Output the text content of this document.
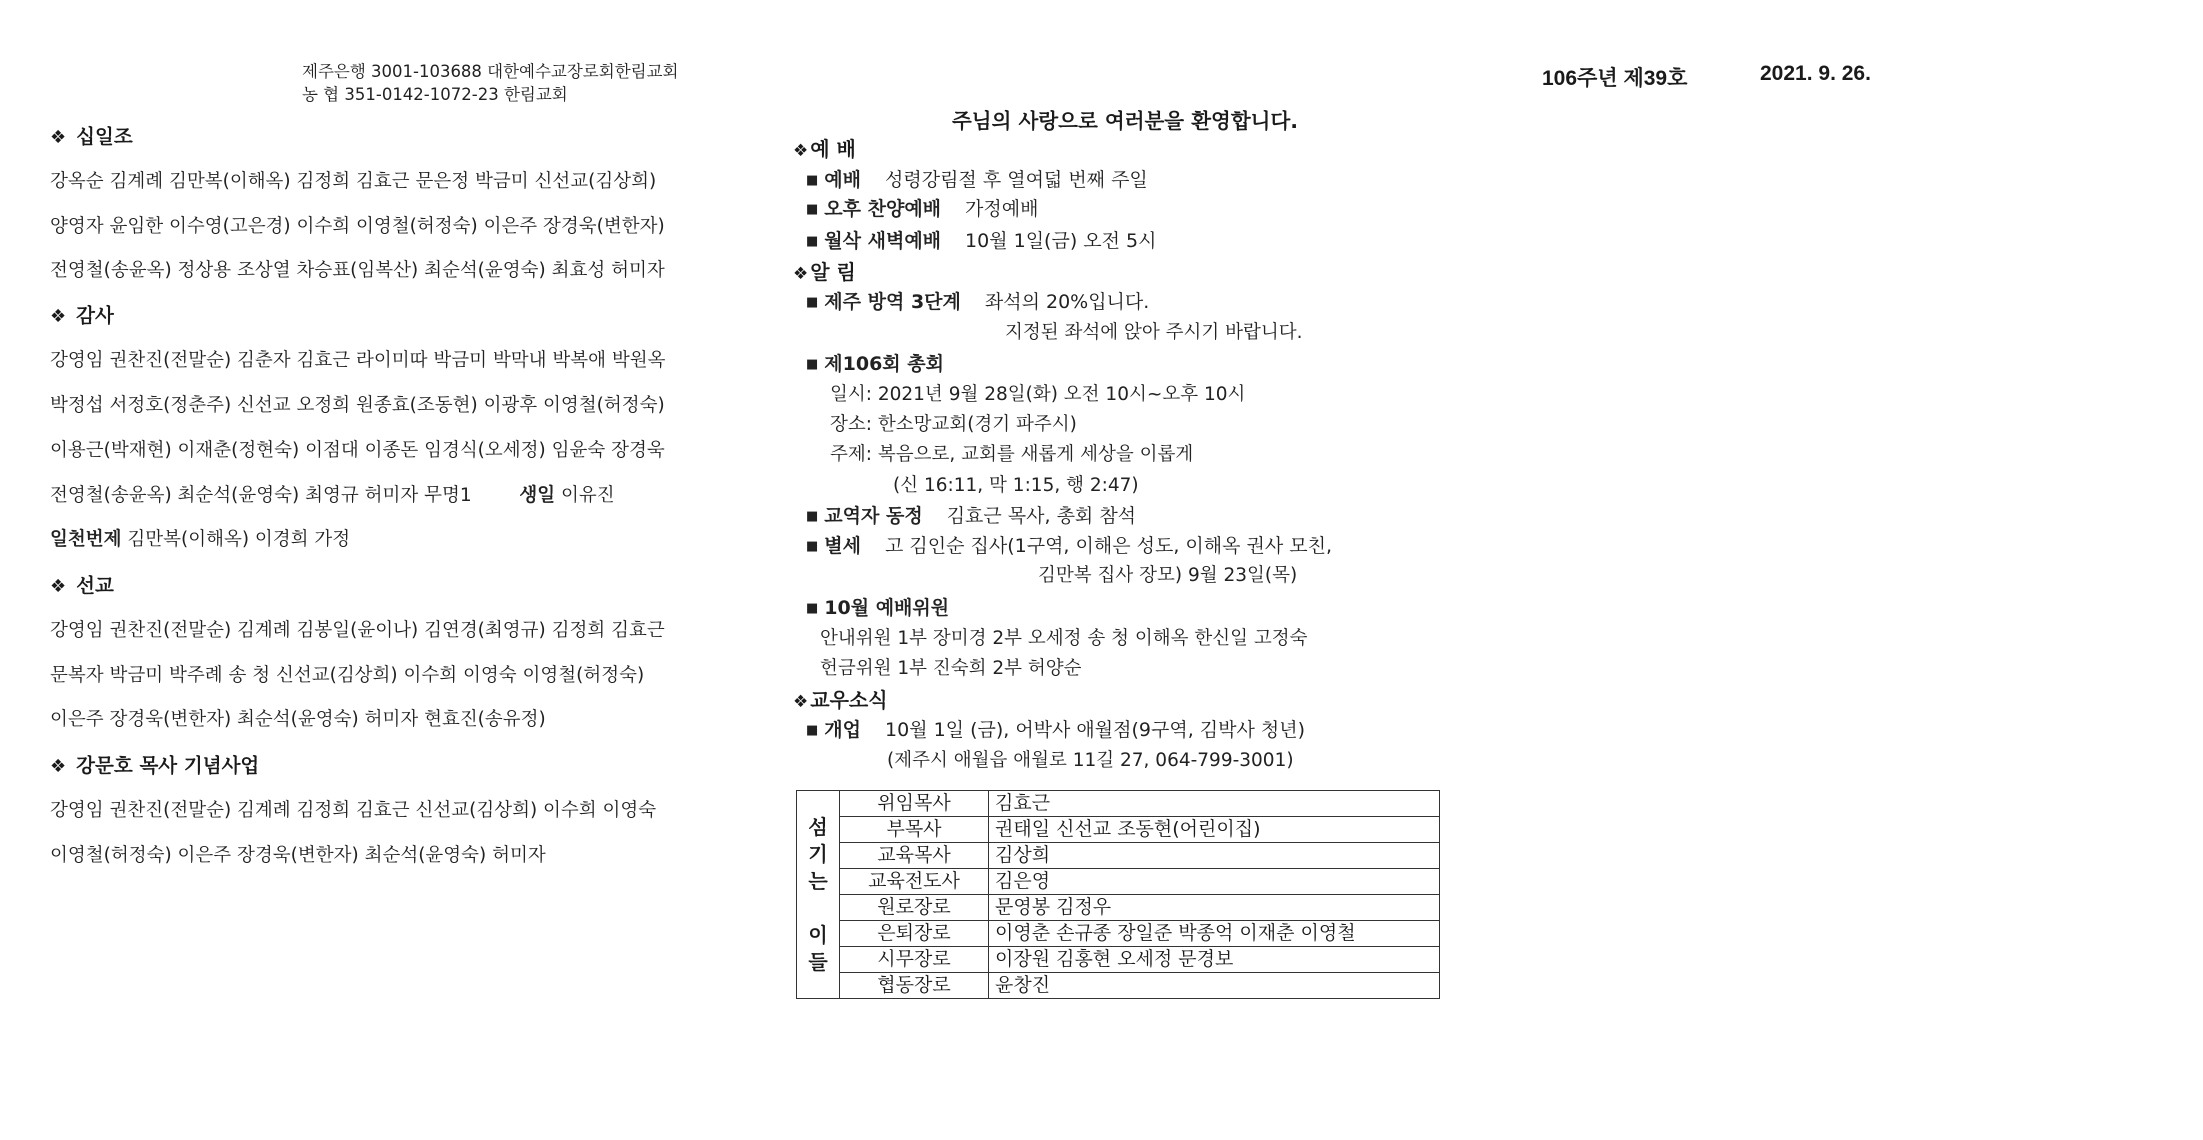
제주은행 3001-103688 대한예수교장로회한림교회
농 협 351-0142-1072-23 한림교회
106주년 제39호	2021. 9. 26.
❖ 십일조
강옥순 김계례 김만복(이해옥) 김정희 김효근 문은정 박금미 신선교(김상희)
양영자 윤임한 이수영(고은경) 이수희 이영철(허정숙) 이은주 장경욱(변한자)
전영철(송윤옥) 정상용 조상열 차승표(임복산) 최순석(윤영숙) 최효성 허미자
❖ 감사
강영임 권찬진(전말순) 김춘자 김효근 라이미따 박금미 박막내 박복애 박원옥
박정섭 서정호(정춘주) 신선교 오정희 원종효(조동현) 이광후 이영철(허정숙)
이용근(박재현) 이재춘(정현숙) 이점대 이종돈 임경식(오세정) 임윤숙 장경욱
전영철(송윤옥) 최순석(윤영숙) 최영규 허미자 무명1	생일 이유진
일천번제 김만복(이해옥) 이경희 가정
❖ 선교
강영임 권찬진(전말순) 김계례 김봉일(윤이나) 김연경(최영규) 김정희 김효근
문복자 박금미 박주례 송 청 신선교(김상희) 이수희 이영숙 이영철(허정숙)
이은주 장경욱(변한자) 최순석(윤영숙) 허미자 현효진(송유정)
❖ 강문호 목사 기념사업
강영임 권찬진(전말순) 김계례 김정희 김효근 신선교(김상희) 이수희 이영숙
이영철(허정숙) 이은주 장경욱(변한자) 최순석(윤영숙) 허미자
주님의 사랑으로 여러분을 환영합니다.
❖ 예 배
■ 예배 성령강림절 후 열여덟 번째 주일
■ 오후 찬양예배 가정예배
■ 월삭 새벽예배 10월 1일(금) 오전 5시
❖ 알 림
■ 제주 방역 3단계 좌석의 20%입니다.
지정된 좌석에 앉아 주시기 바랍니다.
■ 제106회 총회
일시: 2021년 9월 28일(화) 오전 10시~오후 10시
장소: 한소망교회(경기 파주시)
주제: 복음으로, 교회를 새롭게 세상을 이롭게
(신 16:11, 막 1:15, 행 2:47)
■ 교역자 동정 김효근 목사, 총회 참석
■ 별세 고 김인순 집사(1구역, 이해은 성도, 이해옥 권사 모친,
김만복 집사 장모) 9월 23일(목)
■ 10월 예배위원
안내위원 1부 장미경 2부 오세정 송 청 이해옥 한신일 고정숙
헌금위원 1부 진숙희 2부 허양순
❖ 교우소식
■ 개업 10월 1일 (금), 어박사 애월점(9구역, 김박사 청년)
(제주시 애월읍 애월로 11길 27, 064-799-3001)
섬
기
는

이
들	위임목사	김효근
	부목사	권태일 신선교 조동현(어린이집)
	교육목사	김상희
	교육전도사	김은영
	원로장로	문영봉 김정우
	은퇴장로	이영춘 손규종 장일준 박종억 이재춘 이영철
	시무장로	이장원 김홍현 오세정 문경보
	협동장로	윤창진
